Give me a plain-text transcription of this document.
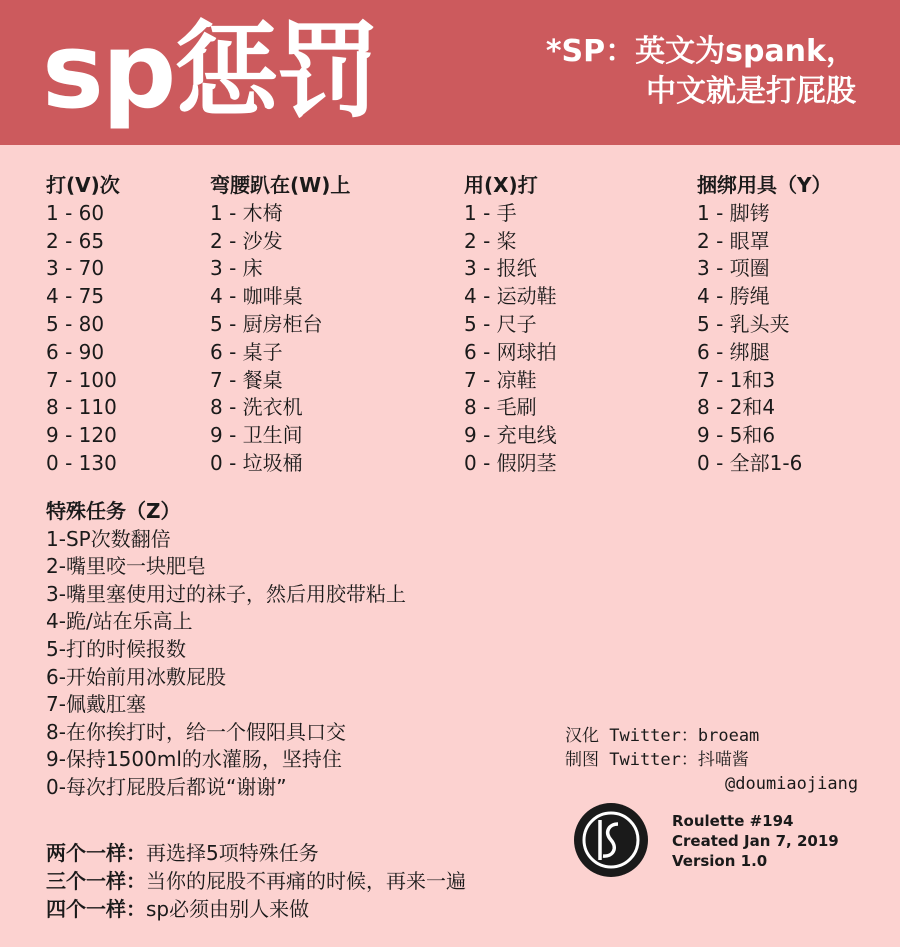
sp惩罚	*SP：英文为spank，
中文就是打屁股
打(V)次
1 - 60
2 - 65
3 - 70
4 - 75
5 - 80
6 - 90
7 - 100
8 - 110
9 - 120
0 - 130
弯腰趴在(W)上
1 - 木椅
2 - 沙发
3 - 床
4 - 咖啡桌
5 - 厨房柜台
6 - 桌子
7 - 餐桌
8 - 洗衣机
9 - 卫生间
0 - 垃圾桶
用(X)打
1 - 手
2 - 桨
3 - 报纸
4 - 运动鞋
5 - 尺子
6 - 网球拍
7 - 凉鞋
8 - 毛刷
9 - 充电线
0 - 假阴茎
捆绑用具（Y）
1 - 脚铐
2 - 眼罩
3 - 项圈
4 - 胯绳
5 - 乳头夹
6 - 绑腿
7 - 1和3
8 - 2和4
9 - 5和6
0 - 全部1-6
特殊任务（Z）
1-SP次数翻倍
2-嘴里咬一块肥皂
3-嘴里塞使用过的袜子，然后用胶带粘上
4-跪/站在乐高上
5-打的时候报数
6-开始前用冰敷屁股
7-佩戴肛塞
8-在你挨打时，给一个假阳具口交
9-保持1500ml的水灌肠，坚持住
0-每次打屁股后都说“谢谢”
两个一样：再选择5项特殊任务
三个一样：当你的屁股不再痛的时候，再来一遍
四个一样：sp必须由别人来做
汉化 Twitter：broeam
制图 Twitter：抖喵酱
@doumiaojiang
Roulette #194
Created Jan 7, 2019
Version 1.0
